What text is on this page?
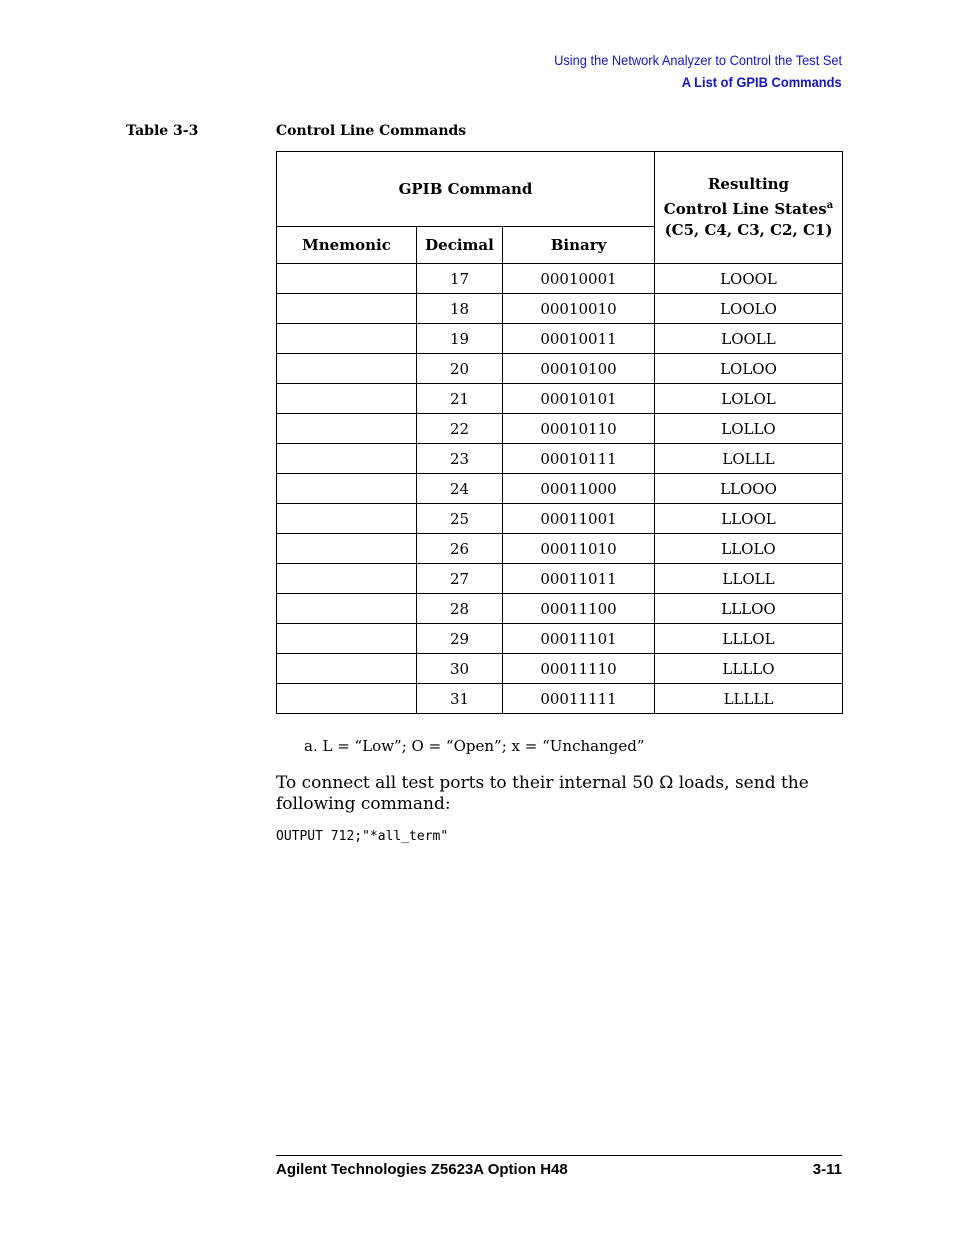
Using the Network Analyzer to Control the Test Set
A List of GPIB Commands
Table 3-3	Control Line Commands
GPIB Command			Resulting
Control Line States$^a$
(C5, C4, C3, C2, C1)
Mnemonic	Decimal	Binary	
	17	00010001	LOOOL
	18	00010010	LOOLO
	19	00010011	LOOLL
	20	00010100	LOLOO
	21	00010101	LOLOL
	22	00010110	LOLLO
	23	00010111	LOLLL
	24	00011000	LLOOO
	25	00011001	LLOOL
	26	00011010	LLOLO
	27	00011011	LLOLL
	28	00011100	LLLOO
	29	00011101	LLLOL
	30	00011110	LLLLO
	31	00011111	LLLLL
a. L = “Low”; O = “Open”; x = “Unchanged”
To connect all test ports to their internal 50 Ω loads, send the following command:
OUTPUT 712;"*all_term"
Agilent Technologies Z5623A Option H48	3-11
